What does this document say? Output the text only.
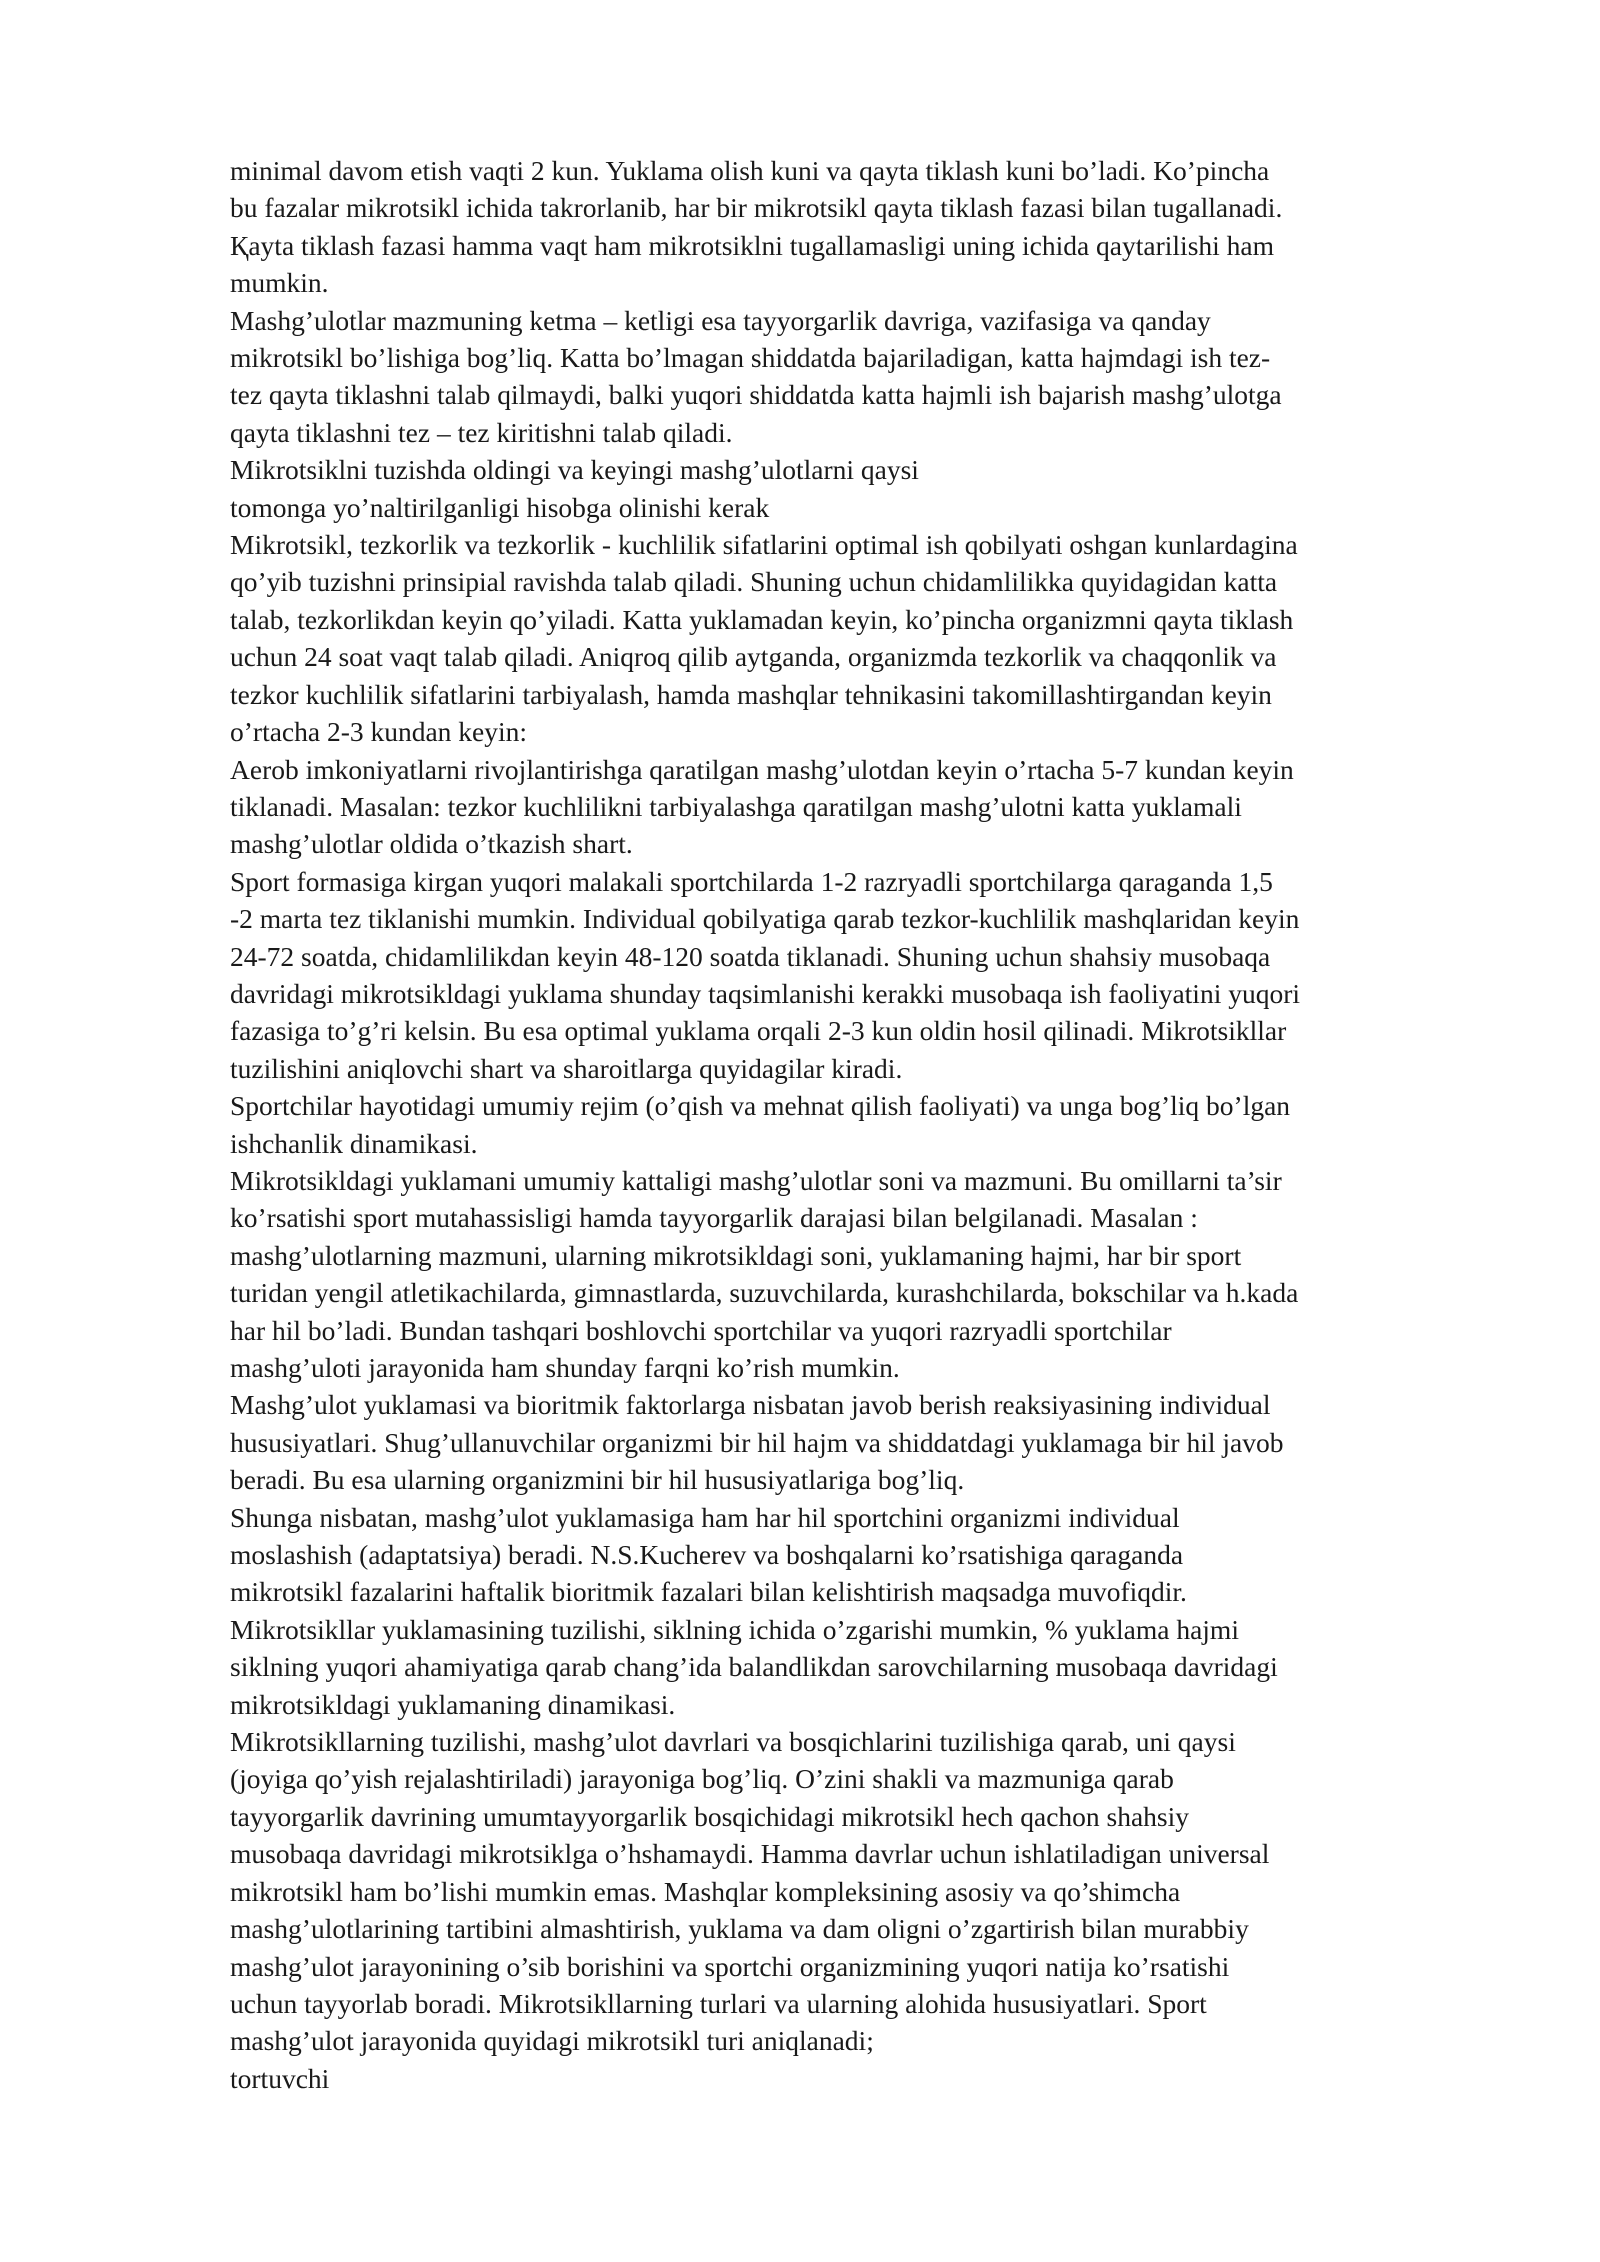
minimal davom etish vaqti 2 kun. Yuklama olish kuni va qayta tiklash kuni bo’ladi. Ko’pincha
bu fazalar mikrotsikl ichida takrorlanib, har bir mikrotsikl qayta tiklash fazasi bilan tugallanadi.
Қayta tiklash fazasi hamma vaqt ham mikrotsiklni tugallamasligi uning ichida qaytarilishi ham
mumkin.

Mashg’ulotlar mazmuning ketma – ketligi esa tayyorgarlik davriga, vazifasiga va qanday
mikrotsikl bo’lishiga bog’liq. Katta bo’lmagan shiddatda bajariladigan, katta hajmdagi ish tez-
tez qayta tiklashni talab qilmaydi, balki yuqori shiddatda katta hajmli ish bajarish mashg’ulotga
qayta tiklashni tez – tez kiritishni talab qiladi.

Mikrotsiklni tuzishda oldingi va keyingi mashg’ulotlarni qaysi
tomonga yo’naltirilganligi hisobga olinishi kerak

Mikrotsikl, tezkorlik va tezkorlik - kuchlilik sifatlarini optimal ish qobilyati oshgan kunlardagina
qo’yib tuzishni prinsipial ravishda talab qiladi. Shuning uchun chidamlilikka quyidagidan katta
talab, tezkorlikdan keyin qo’yiladi. Katta yuklamadan keyin, ko’pincha organizmni qayta tiklash
uchun 24 soat vaqt talab qiladi. Aniqroq qilib aytganda, organizmda tezkorlik va chaqqonlik va
tezkor kuchlilik sifatlarini tarbiyalash, hamda mashqlar tehnikasini takomillashtirgandan keyin
o’rtacha 2-3 kundan keyin:

Aerob imkoniyatlarni rivojlantirishga qaratilgan mashg’ulotdan keyin o’rtacha 5-7 kundan keyin
tiklanadi. Masalan: tezkor kuchlilikni tarbiyalashga qaratilgan mashg’ulotni katta yuklamali
mashg’ulotlar oldida o’tkazish shart.

Sport formasiga kirgan yuqori malakali sportchilarda 1-2 razryadli sportchilarga qaraganda 1,5
-2 marta tez tiklanishi mumkin. Individual qobilyatiga qarab tezkor-kuchlilik mashqlaridan keyin
24-72 soatda, chidamlilikdan keyin 48-120 soatda tiklanadi. Shuning uchun shahsiy musobaqa
davridagi mikrotsikldagi yuklama shunday taqsimlanishi kerakki musobaqa ish faoliyatini yuqori
fazasiga to’g’ri kelsin. Bu esa optimal yuklama orqali 2-3 kun oldin hosil qilinadi. Mikrotsikllar
tuzilishini aniqlovchi shart va sharoitlarga quyidagilar kiradi.

Sportchilar hayotidagi umumiy rejim (o’qish va mehnat qilish faoliyati) va unga bog’liq bo’lgan
ishchanlik dinamikasi.

Mikrotsikldagi yuklamani umumiy kattaligi mashg’ulotlar soni va mazmuni. Bu omillarni ta’sir
ko’rsatishi sport mutahassisligi hamda tayyorgarlik darajasi bilan belgilanadi. Masalan :
mashg’ulotlarning mazmuni, ularning mikrotsikldagi soni, yuklamaning hajmi, har bir sport
turidan yengil atletikachilarda, gimnastlarda, suzuvchilarda, kurashchilarda, bokschilar va h.kada
har hil bo’ladi. Bundan tashqari boshlovchi sportchilar va yuqori razryadli sportchilar
mashg’uloti jarayonida ham shunday farqni ko’rish mumkin.

Mashg’ulot yuklamasi va bioritmik faktorlarga nisbatan javob berish reaksiyasining individual
hususiyatlari. Shug’ullanuvchilar organizmi bir hil hajm va shiddatdagi yuklamaga bir hil javob
beradi. Bu esa ularning organizmini bir hil hususiyatlariga bog’liq.

Shunga nisbatan, mashg’ulot yuklamasiga ham har hil sportchini organizmi individual
moslashish (adaptatsiya) beradi. N.S.Kucherev va boshqalarni ko’rsatishiga qaraganda
mikrotsikl fazalarini haftalik bioritmik fazalari bilan kelishtirish maqsadga muvofiqdir.

Mikrotsikllar yuklamasining tuzilishi, siklning ichida o’zgarishi mumkin, % yuklama hajmi
siklning yuqori ahamiyatiga qarab chang’ida balandlikdan sarovchilarning musobaqa davridagi
mikrotsikldagi yuklamaning dinamikasi.

Mikrotsikllarning tuzilishi, mashg’ulot davrlari va bosqichlarini tuzilishiga qarab, uni qaysi
(joyiga qo’yish rejalashtiriladi) jarayoniga bog’liq. O’zini shakli va mazmuniga qarab
tayyorgarlik davrining umumtayyorgarlik bosqichidagi mikrotsikl hech qachon shahsiy
musobaqa davridagi mikrotsiklga o’hshamaydi. Hamma davrlar uchun ishlatiladigan universal
mikrotsikl ham bo’lishi mumkin emas. Mashqlar kompleksining asosiy va qo’shimcha
mashg’ulotlarining tartibini almashtirish, yuklama va dam oligni o’zgartirish bilan murabbiy
mashg’ulot jarayonining o’sib borishini va sportchi organizmining yuqori natija ko’rsatishi
uchun tayyorlab boradi. Mikrotsikllarning turlari va ularning alohida hususiyatlari. Sport
mashg’ulot jarayonida quyidagi mikrotsikl turi aniqlanadi;

tortuvchi
